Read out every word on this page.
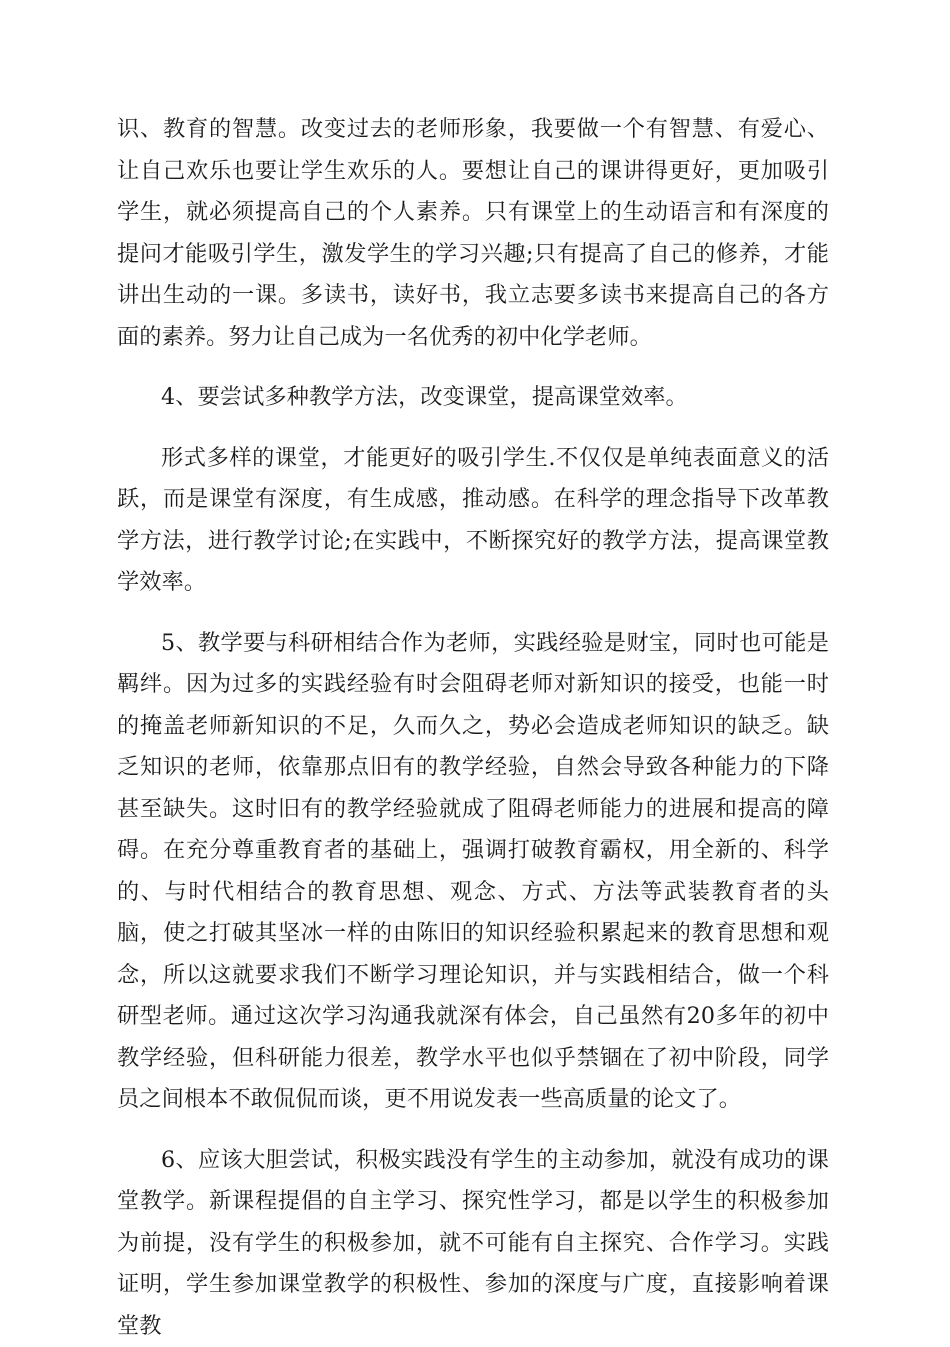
识、教育的智慧。改变过去的老师形象，我要做一个有智慧、有爱心、让自己欢乐也要让学生欢乐的人。要想让自己的课讲得更好，更加吸引学生，就必须提高自己的个人素养。只有课堂上的生动语言和有深度的提问才能吸引学生，激发学生的学习兴趣;只有提高了自己的修养，才能讲出生动的一课。多读书，读好书，我立志要多读书来提高自己的各方面的素养。努力让自己成为一名优秀的初中化学老师。

4、要尝试多种教学方法，改变课堂，提高课堂效率。

形式多样的课堂，才能更好的吸引学生.不仅仅是单纯表面意义的活跃，而是课堂有深度，有生成感，推动感。在科学的理念指导下改革教学方法，进行教学讨论;在实践中，不断探究好的教学方法，提高课堂教学效率。

5、教学要与科研相结合作为老师，实践经验是财宝，同时也可能是羁绊。因为过多的实践经验有时会阻碍老师对新知识的接受，也能一时的掩盖老师新知识的不足，久而久之，势必会造成老师知识的缺乏。缺乏知识的老师，依靠那点旧有的教学经验，自然会导致各种能力的下降甚至缺失。这时旧有的教学经验就成了阻碍老师能力的进展和提高的障碍。在充分尊重教育者的基础上，强调打破教育霸权，用全新的、科学的、与时代相结合的教育思想、观念、方式、方法等武装教育者的头脑，使之打破其坚冰一样的由陈旧的知识经验积累起来的教育思想和观念，所以这就要求我们不断学习理论知识，并与实践相结合，做一个科研型老师。通过这次学习沟通我就深有体会，自己虽然有20多年的初中教学经验，但科研能力很差，教学水平也似乎禁锢在了初中阶段，同学员之间根本不敢侃侃而谈，更不用说发表一些高质量的论文了。

6、应该大胆尝试，积极实践没有学生的主动参加，就没有成功的课堂教学。新课程提倡的自主学习、探究性学习，都是以学生的积极参加为前提，没有学生的积极参加，就不可能有自主探究、合作学习。实践证明，学生参加课堂教学的积极性、参加的深度与广度，直接影响着课堂教
